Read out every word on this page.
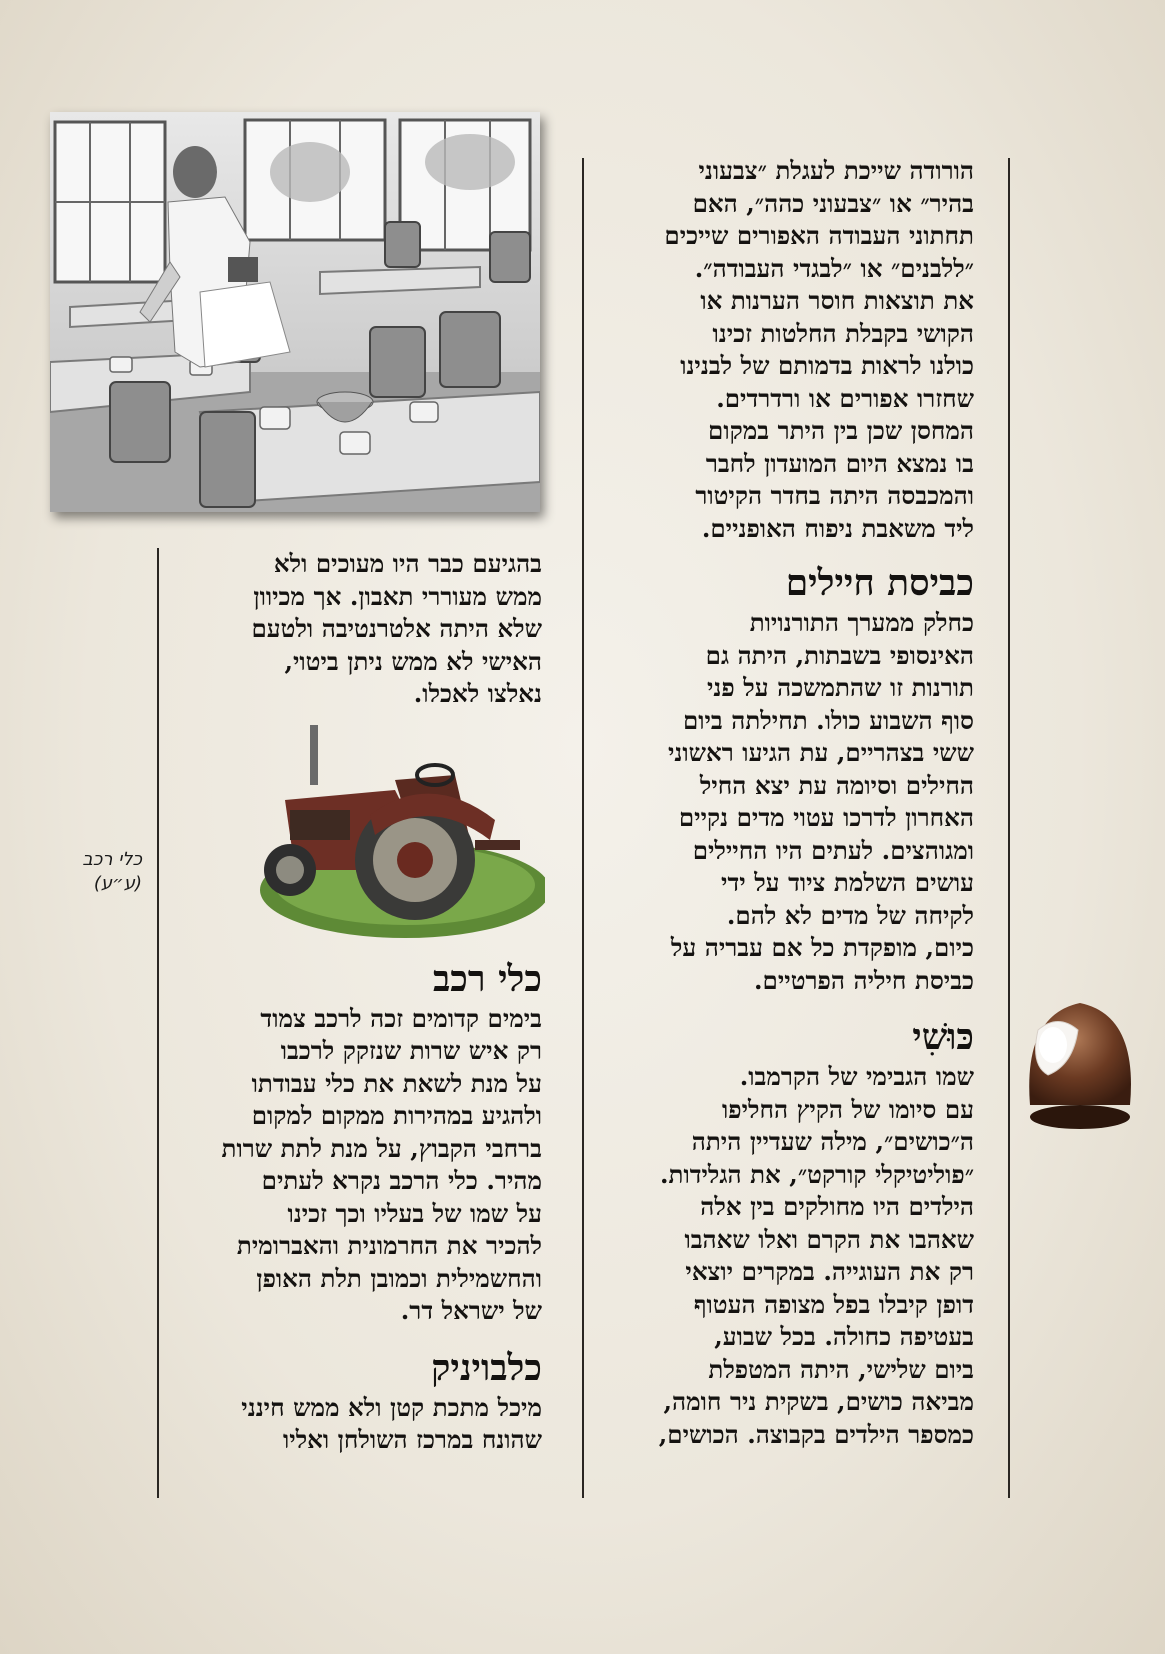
כלי רכב
(ע״ע)

הורודה שייכת לעגלת ״צבעוני
בהיר״ או ״צבעוני כהה״, האם
תחתוני העבודה האפורים שייכים
״ללבנים״ או ״לבגדי העבודה״.
את תוצאות חוסר הערנות או
הקושי בקבלת החלטות זכינו
כולנו לראות בדמותם של לבנינו
שחזרו אפורים או ורדרדים.
המחסן שכן בין היתר במקום
בו נמצא היום המועדון לחבר
והמכבסה היתה בחדר הקיטור
ליד משאבת ניפוח האופניים.

כביסת חיילים

כחלק ממערך התורנויות
האינסופי בשבתות, היתה גם
תורנות זו שהתמשכה על פני
סוף השבוע כולו. תחילתה ביום
ששי בצהריים, עת הגיעו ראשוני
החילים וסיומה עת יצא החיל
האחרון לדרכו עטוי מדים נקיים
ומגוהצים. לעתים היו החיילים
עושים השלמת ציוד על ידי
לקיחה של מדים לא להם.
כיום, מופקדת כל אם עבריה על
כביסת חיליה הפרטיים.

כּוּשִׁי

שמו הגבימי של הקרמבו.
עם סיומו של הקיץ החליפו
ה״כושים״, מילה שעדיין היתה
״פוליטיקלי קורקט״, את הגלידות.
הילדים היו מחולקים בין אלה
שאהבו את הקרם ואלו שאהבו
רק את העוגייה. במקרים יוצאי
דופן קיבלו בפל מצופה העטוף
בעטיפה כחולה. בכל שבוע,
ביום שלישי, היתה המטפלת
מביאה כושים, בשקית ניר חומה,
כמספר הילדים בקבוצה. הכושים,

בהגיעם כבר היו מעוכים ולא
ממש מעוררי תאבון. אך מכיוון
שלא היתה אלטרנטיבה ולטעם
האישי לא ממש ניתן ביטוי,
נאלצו לאכלו.

כלי רכב

בימים קדומים זכה לרכב צמוד
רק איש שרות שנזקק לרכבו
על מנת לשאת את כלי עבודתו
ולהגיע במהירות ממקום למקום
ברחבי הקבוץ, על מנת לתת שרות
מהיר. כלי הרכב נקרא לעתים
על שמו של בעליו וכך זכינו
להכיר את החרמונית והאברומית
והחשמילית וכמובן תלת האופן
של ישראל דר.

כלבויניק

מיכל מתכת קטן ולא ממש חינני
שהונח במרכז השולחן ואליו
